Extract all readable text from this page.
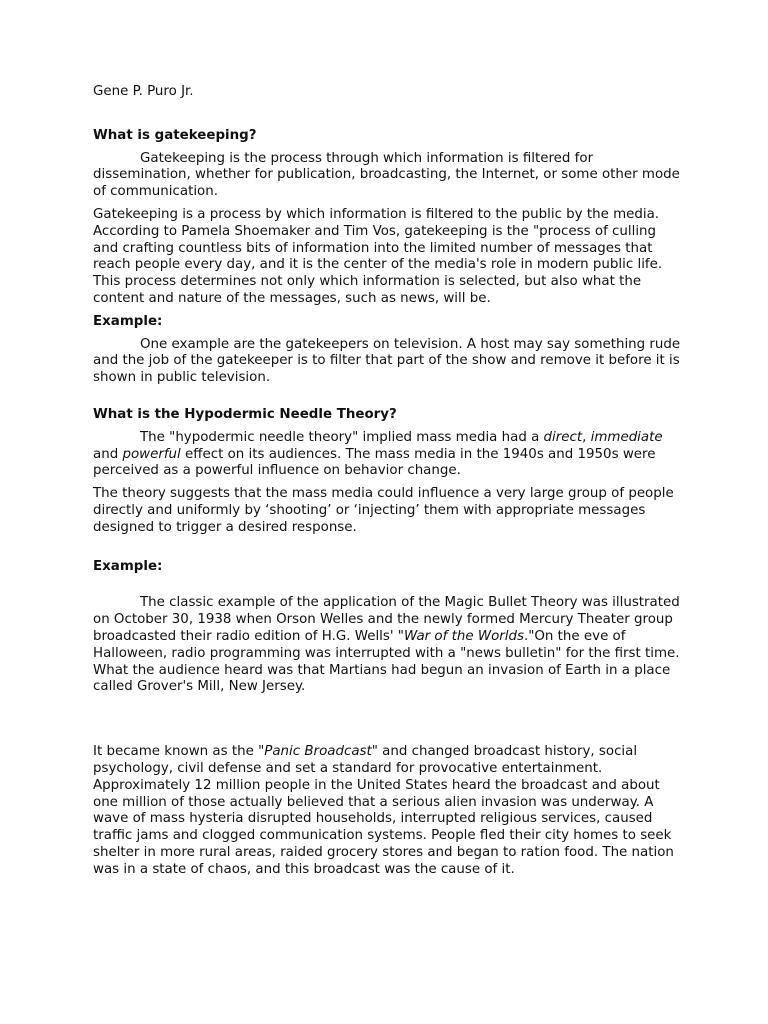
Gene P. Puro Jr.

What is gatekeeping?

Gatekeeping is the process through which information is filtered for dissemination, whether for publication, broadcasting, the Internet, or some other mode of communication.

Gatekeeping is a process by which information is filtered to the public by the media. According to Pamela Shoemaker and Tim Vos, gatekeeping is the "process of culling and crafting countless bits of information into the limited number of messages that reach people every day, and it is the center of the media's role in modern public life. This process determines not only which information is selected, but also what the content and nature of the messages, such as news, will be.

Example:

One example are the gatekeepers on television. A host may say something rude and the job of the gatekeeper is to filter that part of the show and remove it before it is shown in public television.

What is the Hypodermic Needle Theory?

The "hypodermic needle theory" implied mass media had a direct, immediate and powerful effect on its audiences. The mass media in the 1940s and 1950s were perceived as a powerful influence on behavior change.

The theory suggests that the mass media could influence a very large group of people directly and uniformly by ‘shooting’ or ‘injecting’ them with appropriate messages designed to trigger a desired response.

Example:

The classic example of the application of the Magic Bullet Theory was illustrated on October 30, 1938 when Orson Welles and the newly formed Mercury Theater group broadcasted their radio edition of H.G. Wells' "War of the Worlds."On the eve of Halloween, radio programming was interrupted with a "news bulletin" for the first time. What the audience heard was that Martians had begun an invasion of Earth in a place called Grover's Mill, New Jersey.

It became known as the "Panic Broadcast" and changed broadcast history, social psychology, civil defense and set a standard for provocative entertainment. Approximately 12 million people in the United States heard the broadcast and about one million of those actually believed that a serious alien invasion was underway. A wave of mass hysteria disrupted households, interrupted religious services, caused traffic jams and clogged communication systems. People fled their city homes to seek shelter in more rural areas, raided grocery stores and began to ration food. The nation was in a state of chaos, and this broadcast was the cause of it.
